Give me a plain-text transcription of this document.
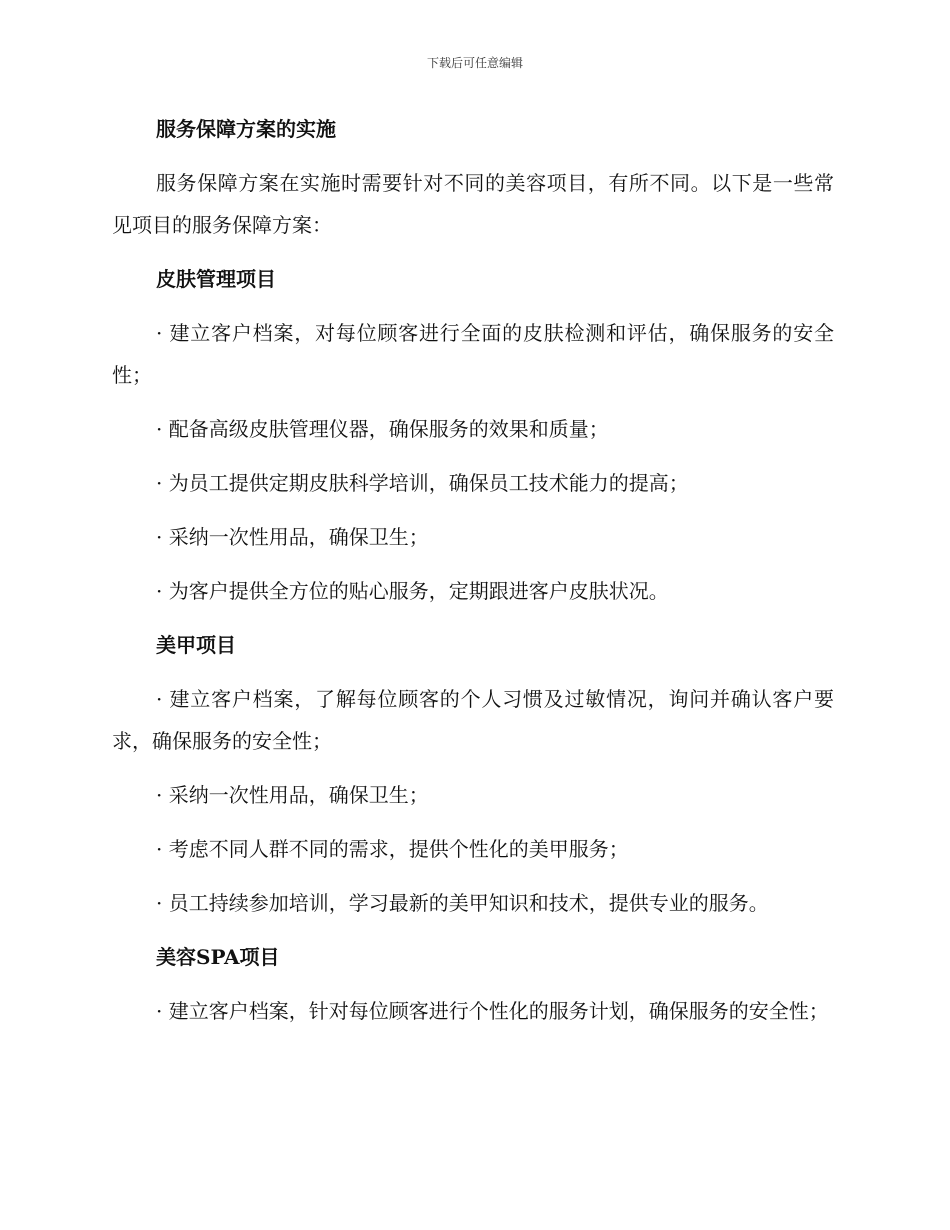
下载后可任意编辑

服务保障方案的实施

服务保障方案在实施时需要针对不同的美容项目，有所不同。以下是一些常见项目的服务保障方案：

皮肤管理项目

· 建立客户档案，对每位顾客进行全面的皮肤检测和评估，确保服务的安全性；

· 配备高级皮肤管理仪器，确保服务的效果和质量；

· 为员工提供定期皮肤科学培训，确保员工技术能力的提高；

· 采纳一次性用品，确保卫生；

· 为客户提供全方位的贴心服务，定期跟进客户皮肤状况。

美甲项目

· 建立客户档案，了解每位顾客的个人习惯及过敏情况，询问并确认客户要求，确保服务的安全性；

· 采纳一次性用品，确保卫生；

· 考虑不同人群不同的需求，提供个性化的美甲服务；

· 员工持续参加培训，学习最新的美甲知识和技术，提供专业的服务。

美容SPA项目

· 建立客户档案，针对每位顾客进行个性化的服务计划，确保服务的安全性；
